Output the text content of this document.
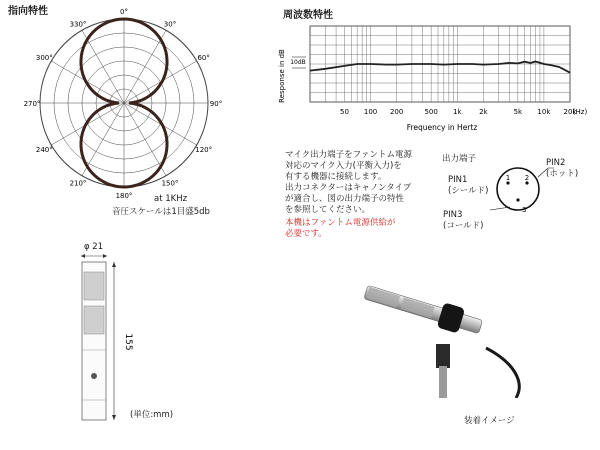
指向特性	0°
30°
60°
90°
120°
150°
180°
210°
240°
270°
300°
330°
at 1KHz
音圧スケールは1目盛5db
周波数特性
Response in dB
50 100 200	500 1k	2k	5k 10k 20k
(Hz)
10dB
Frequency in Hertz
マイク出力端子をファントム電源
対応のマイク入力(平衡入力)を
有する機器に接続します。
出力コネクターはキャノンタイプ
が適合し、図の出力端子の特性
を参照してください。
本機はファントム電源供給が
必要です。
出力端子
1 2
3
PIN1
(シールド)
PIN2
(ホット)
PIN3
(コールド)
φ 21
155
(単位:mm)
装着イメージ
